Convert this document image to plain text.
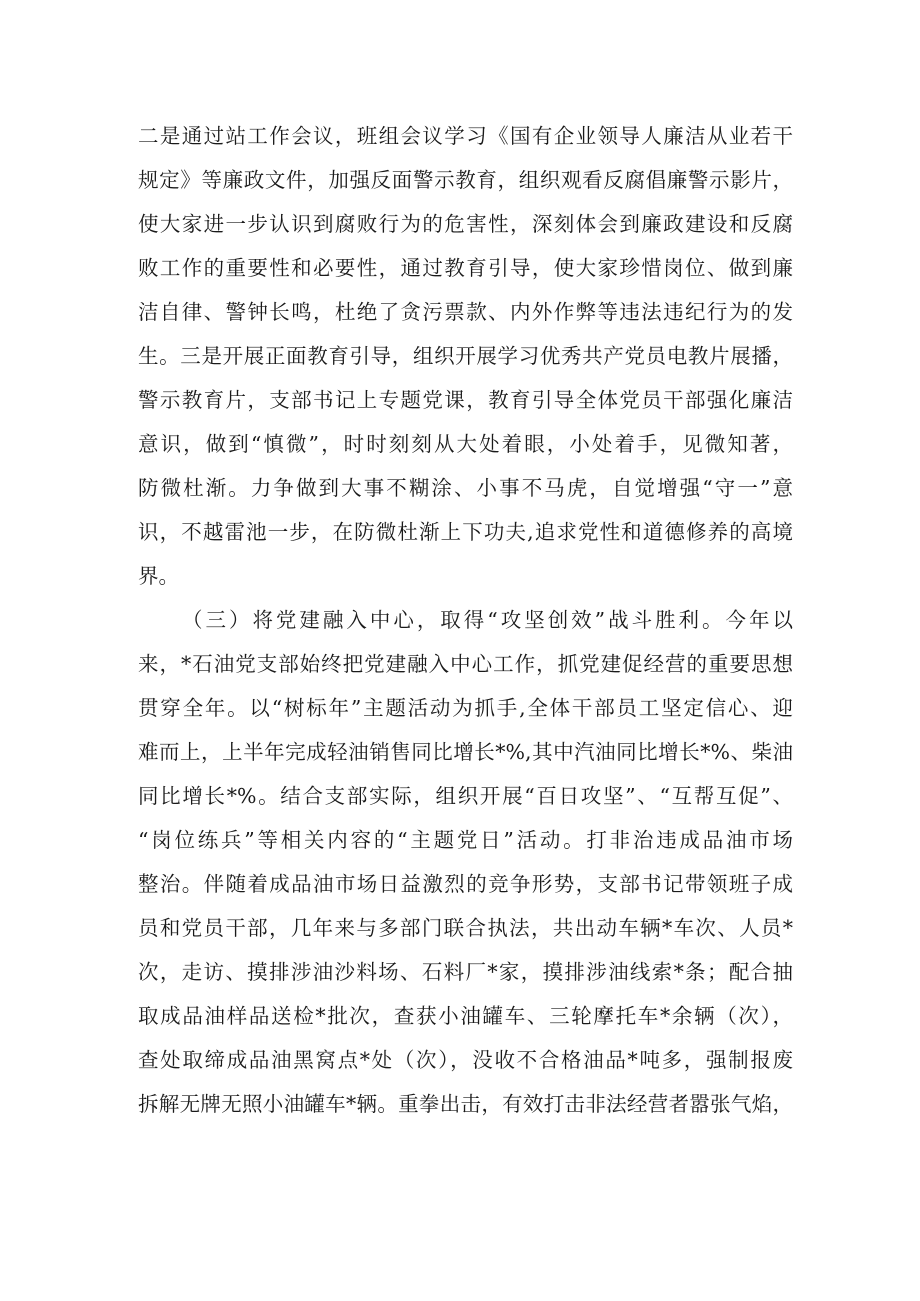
二是通过站工作会议，班组会议学习《国有企业领导人廉洁从业若干
规定》等廉政文件，加强反面警示教育，组织观看反腐倡廉警示影片，
使大家进一步认识到腐败行为的危害性，深刻体会到廉政建设和反腐
败工作的重要性和必要性，通过教育引导，使大家珍惜岗位、做到廉
洁自律、警钟长鸣，杜绝了贪污票款、内外作弊等违法违纪行为的发
生。三是开展正面教育引导，组织开展学习优秀共产党员电教片展播，
警示教育片，支部书记上专题党课，教育引导全体党员干部强化廉洁
意识，做到“慎微”，时时刻刻从大处着眼，小处着手，见微知著，
防微杜渐。力争做到大事不糊涂、小事不马虎，自觉增强“守一”意
识，不越雷池一步，在防微杜渐上下功夫,追求党性和道德修养的高境
界。
（三）将党建融入中心，取得“攻坚创效”战斗胜利。今年以
来，*石油党支部始终把党建融入中心工作，抓党建促经营的重要思想
贯穿全年。以“树标年”主题活动为抓手,全体干部员工坚定信心、迎
难而上，上半年完成轻油销售同比增长*%,其中汽油同比增长*%、柴油
同比增长*%。结合支部实际，组织开展“百日攻坚”、“互帮互促”、
“岗位练兵”等相关内容的“主题党日”活动。打非治违成品油市场
整治。伴随着成品油市场日益激烈的竞争形势，支部书记带领班子成
员和党员干部，几年来与多部门联合执法，共出动车辆*车次、人员*
次，走访、摸排涉油沙料场、石料厂*家，摸排涉油线索*条；配合抽
取成品油样品送检*批次，查获小油罐车、三轮摩托车*余辆（次），
查处取缔成品油黑窝点*处（次），没收不合格油品*吨多，强制报废
拆解无牌无照小油罐车*辆。重拳出击，有效打击非法经营者嚣张气焰，
